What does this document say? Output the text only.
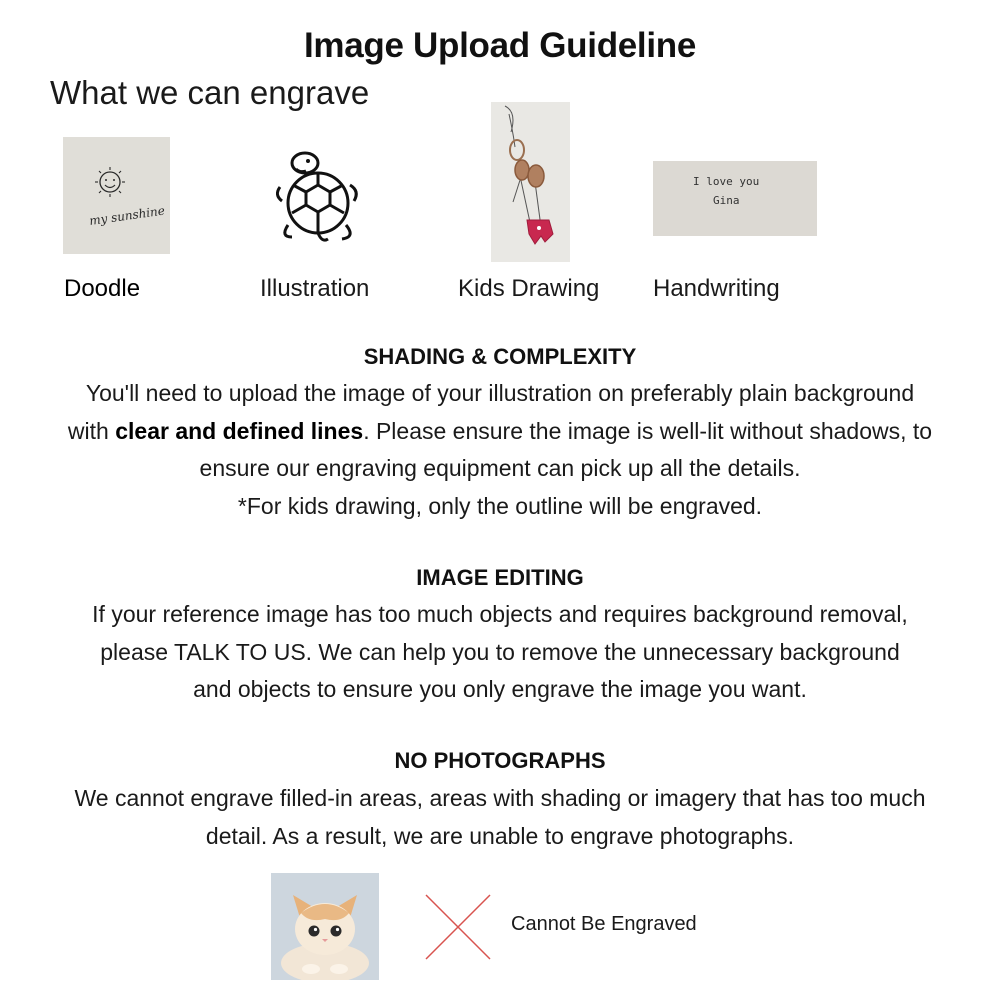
Image Upload Guideline
What we can engrave
my sunshine
Doodle	Illustration	Kids Drawing
I love you
Gina
Handwriting
SHADING & COMPLEXITY
You'll need to upload the image of your illustration on preferably plain background
with clear and defined lines. Please ensure the image is well-lit without shadows, to
ensure our engraving equipment can pick up all the details.
*For kids drawing, only the outline will be engraved.
IMAGE EDITING
If your reference image has too much objects and requires background removal,
please TALK TO US. We can help you to remove the unnecessary background
and objects to ensure you only engrave the image you want.
NO PHOTOGRAPHS
We cannot engrave filled-in areas, areas with shading or imagery that has too much
detail. As a result, we are unable to engrave photographs.
Cannot Be Engraved
